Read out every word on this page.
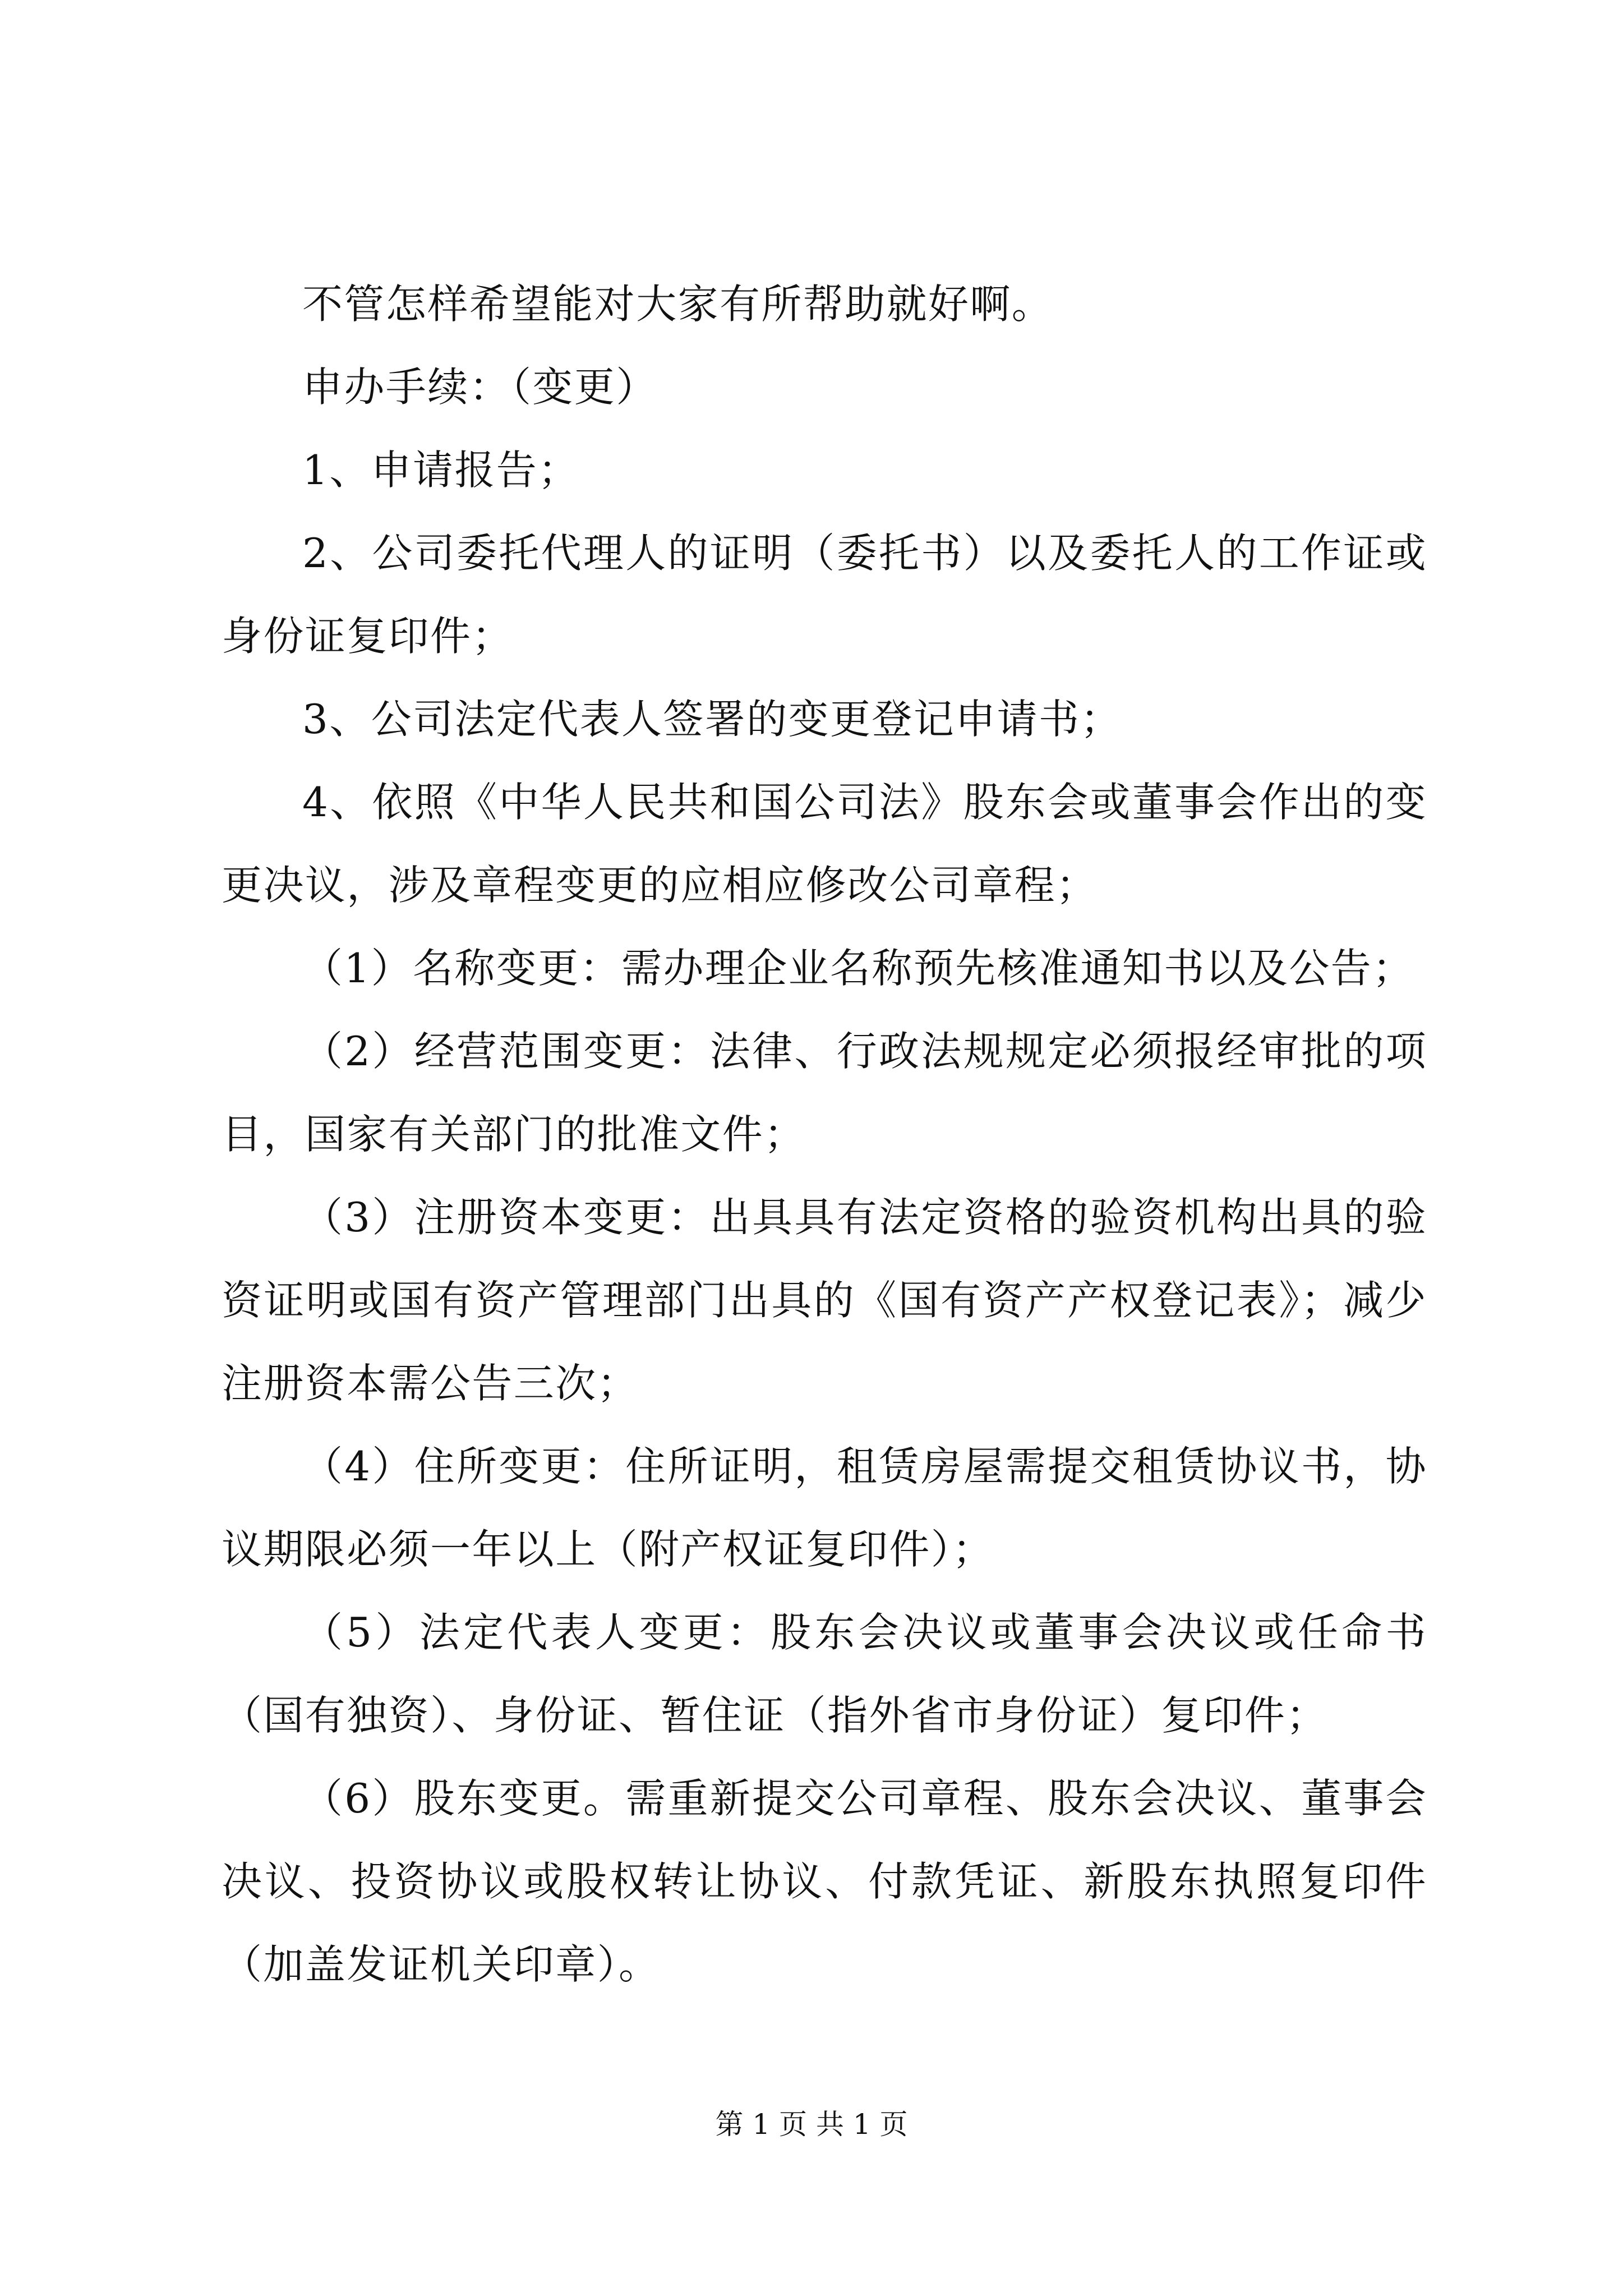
不管怎样希望能对大家有所帮助就好啊。

申办手续：（变更）

1、申请报告；

2、公司委托代理人的证明（委托书）以及委托人的工作证或身份证复印件；

3、公司法定代表人签署的变更登记申请书；

4、依照《中华人民共和国公司法》股东会或董事会作出的变更决议，涉及章程变更的应相应修改公司章程；

（1）名称变更：需办理企业名称预先核准通知书以及公告；

（2）经营范围变更：法律、行政法规规定必须报经审批的项目，国家有关部门的批准文件；

（3）注册资本变更：出具具有法定资格的验资机构出具的验资证明或国有资产管理部门出具的《国有资产产权登记表》；减少注册资本需公告三次；

（4）住所变更：住所证明，租赁房屋需提交租赁协议书，协议期限必须一年以上（附产权证复印件）；

（5）法定代表人变更：股东会决议或董事会决议或任命书（国有独资）、身份证、暂住证（指外省市身份证）复印件；

（6）股东变更。需重新提交公司章程、股东会决议、董事会决议、投资协议或股权转让协议、付款凭证、新股东执照复印件（加盖发证机关印章）。

第 1 页 共 1 页
